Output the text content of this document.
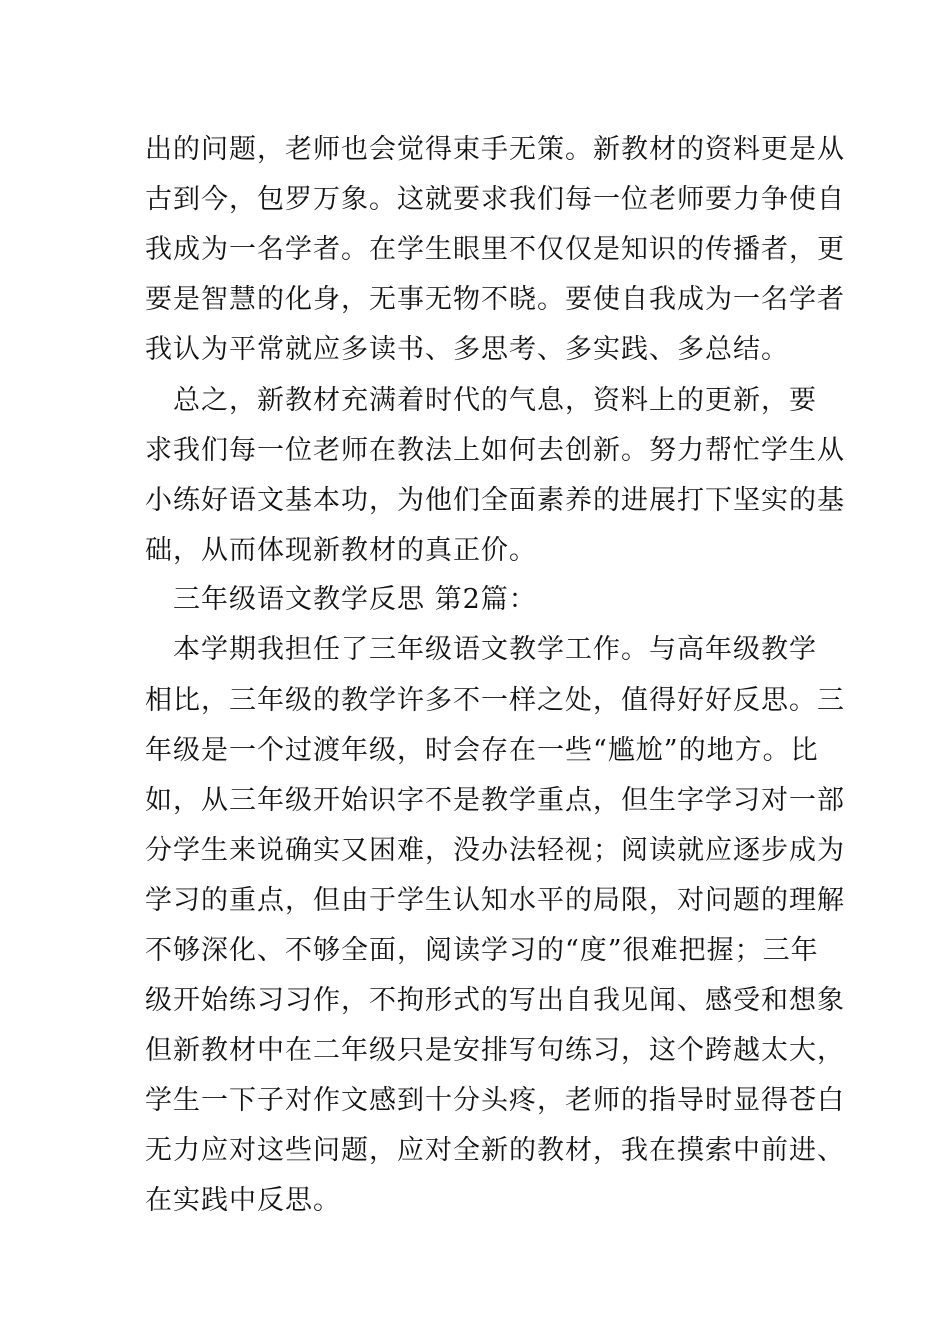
出的问题，老师也会觉得束手无策。新教材的资料更是从
古到今，包罗万象。这就要求我们每一位老师要力争使自
我成为一名学者。在学生眼里不仅仅是知识的传播者，更
要是智慧的化身，无事无物不晓。要使自我成为一名学者
我认为平常就应多读书、多思考、多实践、多总结。
　总之，新教材充满着时代的气息，资料上的更新，要
求我们每一位老师在教法上如何去创新。努力帮忙学生从
小练好语文基本功，为他们全面素养的进展打下坚实的基
础，从而体现新教材的真正价。
　三年级语文教学反思 第2篇：
　本学期我担任了三年级语文教学工作。与高年级教学
相比，三年级的教学许多不一样之处，值得好好反思。三
年级是一个过渡年级，时会存在一些“尴尬”的地方。比
如，从三年级开始识字不是教学重点，但生字学习对一部
分学生来说确实又困难，没办法轻视；阅读就应逐步成为
学习的重点，但由于学生认知水平的局限，对问题的理解
不够深化、不够全面，阅读学习的“度”很难把握；三年
级开始练习习作，不拘形式的写出自我见闻、感受和想象
但新教材中在二年级只是安排写句练习，这个跨越太大，
学生一下子对作文感到十分头疼，老师的指导时显得苍白
无力应对这些问题，应对全新的教材，我在摸索中前进、
在实践中反思。
